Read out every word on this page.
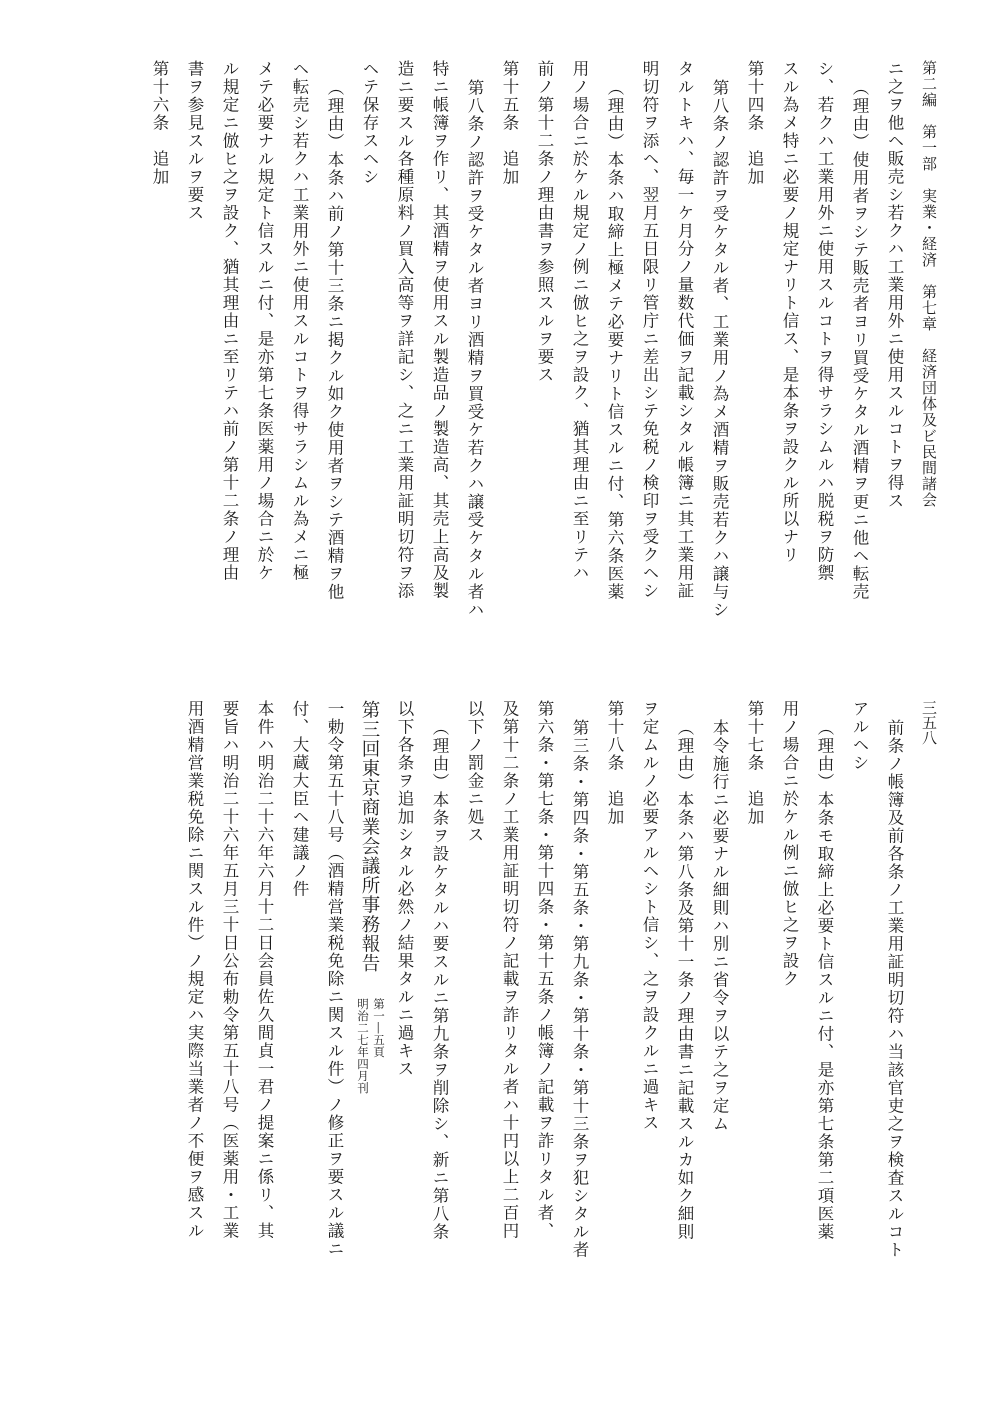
第二編　第一部　実業・経済　第七章　経済団体及ビ民間諸会
三五八
ニ之ヲ他ヘ販売シ若クハ工業用外ニ使用スルコトヲ得ス
（理由）使用者ヲシテ販売者ヨリ買受ケタル酒精ヲ更ニ他ヘ転売
シ、若クハ工業用外ニ使用スルコトヲ得サラシムルハ脱税ヲ防禦
スル為メ特ニ必要ノ規定ナリト信ス、是本条ヲ設クル所以ナリ
第十四条　追加
第八条ノ認許ヲ受ケタル者、工業用ノ為メ酒精ヲ販売若クハ譲与シ
タルトキハ、毎一ケ月分ノ量数代価ヲ記載シタル帳簿ニ其工業用証
明切符ヲ添ヘ、翌月五日限リ管庁ニ差出シテ免税ノ検印ヲ受クヘシ
（理由）本条ハ取締上極メテ必要ナリト信スルニ付、第六条医薬
用ノ場合ニ於ケル規定ノ例ニ倣ヒ之ヲ設ク、猶其理由ニ至リテハ
前ノ第十二条ノ理由書ヲ参照スルヲ要ス
第十五条　追加
第八条ノ認許ヲ受ケタル者ヨリ酒精ヲ買受ケ若クハ譲受ケタル者ハ
特ニ帳簿ヲ作リ、其酒精ヲ使用スル製造品ノ製造高、其売上高及製
造ニ要スル各種原料ノ買入高等ヲ詳記シ、之ニ工業用証明切符ヲ添
ヘテ保存スヘシ
（理由）本条ハ前ノ第十三条ニ掲クル如ク使用者ヲシテ酒精ヲ他
ヘ転売シ若クハ工業用外ニ使用スルコトヲ得サラシムル為メニ極
メテ必要ナル規定ト信スルニ付、是亦第七条医薬用ノ場合ニ於ケ
ル規定ニ倣ヒ之ヲ設ク、猶其理由ニ至リテハ前ノ第十二条ノ理由
書ヲ参見スルヲ要ス
第十六条　追加
前条ノ帳簿及前各条ノ工業用証明切符ハ当該官吏之ヲ検査スルコト
アルヘシ
（理由）本条モ取締上必要ト信スルニ付、是亦第七条第二項医薬
用ノ場合ニ於ケル例ニ倣ヒ之ヲ設ク
第十七条　追加
本令施行ニ必要ナル細則ハ別ニ省令ヲ以テ之ヲ定ム
（理由）本条ハ第八条及第十一条ノ理由書ニ記載スルカ如ク細則
ヲ定ムルノ必要アルヘシト信シ、之ヲ設クルニ過キス
第十八条　追加
第三条・第四条・第五条・第九条・第十条・第十三条ヲ犯シタル者
第六条・第七条・第十四条・第十五条ノ帳簿ノ記載ヲ詐リタル者、
及第十二条ノ工業用証明切符ノ記載ヲ詐リタル者ハ十円以上二百円
以下ノ罰金ニ処ス
（理由）本条ヲ設ケタルハ要スルニ第九条ヲ削除シ、新ニ第八条
以下各条ヲ追加シタル必然ノ結果タルニ過キス
第三回東京商業会議所事務報告
第一―五頁
明治二七年四月刊
一勅令第五十八号（酒精営業税免除ニ関スル件）ノ修正ヲ要スル議ニ
付、大蔵大臣ヘ建議ノ件
本件ハ明治二十六年六月十二日会員佐久間貞一君ノ提案ニ係リ、其
要旨ハ明治二十六年五月三十日公布勅令第五十八号（医薬用・工業
用酒精営業税免除ニ関スル件）ノ規定ハ実際当業者ノ不便ヲ感スル
